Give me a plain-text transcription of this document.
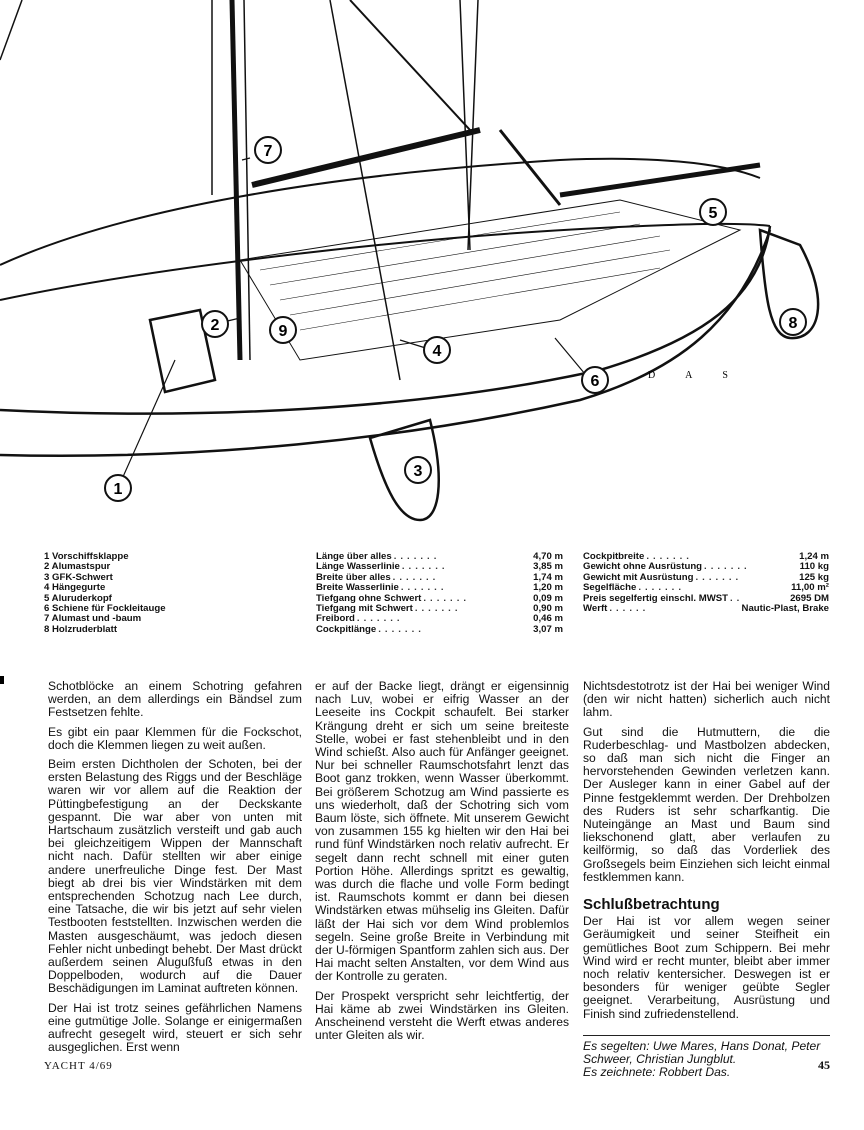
1
2
3
4
5
6
7
8
9
D A S
1 Vorschiffsklappe
2 Alumastspur
3 GFK-Schwert
4 Hängegurte
5 Aluruderkopf
6 Schiene für Fockleitauge
7 Alumast und -baum
8 Holzruderblatt
Länge über alles .......	4,70 m
Länge Wasserlinie .......	3,85 m
Breite über alles .......	1,74 m
Breite Wasserlinie .......	1,20 m
Tiefgang ohne Schwert .......	0,09 m
Tiefgang mit Schwert .......	0,90 m
Freibord .......	0,46 m
Cockpitlänge .......	3,07 m
Cockpitbreite .......	1,24 m
Gewicht ohne Ausrüstung .......	110 kg
Gewicht mit Ausrüstung .......	125 kg
Segelfläche .......	11,00 m²
Preis segelfertig einschl. MWST ..	2695 DM
Werft ......	Nautic-Plast, Brake

Schotblöcke an einem Schotring gefahren werden, an dem allerdings ein Bändsel zum Festsetzen fehlte.

Es gibt ein paar Klemmen für die Fockschot, doch die Klemmen liegen zu weit außen.

Beim ersten Dichtholen der Schoten, bei der ersten Belastung des Riggs und der Beschläge waren wir vor allem auf die Reaktion der Püttingbefestigung an der Deckskante gespannt. Die war aber von unten mit Hartschaum zusätzlich versteift und gab auch bei gleichzeitigem Wippen der Mannschaft nicht nach. Dafür stellten wir aber einige andere unerfreuliche Dinge fest. Der Mast biegt ab drei bis vier Windstärken mit dem entsprechenden Schotzug nach Lee durch, eine Tatsache, die wir bis jetzt auf sehr vielen Testbooten feststellten. Inzwischen werden die Masten ausgeschäumt, was jedoch diesen Fehler nicht unbedingt behebt. Der Mast drückt außerdem seinen Alugußfuß etwas in den Doppelboden, wodurch auf die Dauer Beschädigungen im Laminat auftreten können.

Der Hai ist trotz seines gefährlichen Namens eine gutmütige Jolle. Solange er einigermaßen aufrecht gesegelt wird, steuert er sich sehr ausgeglichen. Erst wenn

er auf der Backe liegt, drängt er eigensinnig nach Luv, wobei er eifrig Wasser an der Leeseite ins Cockpit schaufelt. Bei starker Krängung dreht er sich um seine breiteste Stelle, wobei er fast stehenbleibt und in den Wind schießt. Also auch für Anfänger geeignet. Nur bei schneller Raumschotsfahrt lenzt das Boot ganz trokken, wenn Wasser überkommt. Bei größerem Schotzug am Wind passierte es uns wiederholt, daß der Schotring sich vom Baum löste, sich öffnete. Mit unserem Gewicht von zusammen 155 kg hielten wir den Hai bei rund fünf Windstärken noch relativ aufrecht. Er segelt dann recht schnell mit einer guten Portion Höhe. Allerdings spritzt es gewaltig, was durch die flache und volle Form bedingt ist. Raumschots kommt er dann bei diesen Windstärken etwas mühselig ins Gleiten. Dafür läßt der Hai sich vor dem Wind problemlos segeln. Seine große Breite in Verbindung mit der U-förmigen Spantform zahlen sich aus. Der Hai macht selten Anstalten, vor dem Wind aus der Kontrolle zu geraten.

Der Prospekt verspricht sehr leichtfertig, der Hai käme ab zwei Windstärken ins Gleiten. Anscheinend versteht die Werft etwas anderes unter Gleiten als wir.

Nichtsdestotrotz ist der Hai bei weniger Wind (den wir nicht hatten) sicherlich auch nicht lahm.

Gut sind die Hutmuttern, die die Ruderbeschlag- und Mastbolzen abdecken, so daß man sich nicht die Finger an hervorstehenden Gewinden verletzen kann. Der Ausleger kann in einer Gabel auf der Pinne festgeklemmt werden. Der Drehbolzen des Ruders ist sehr scharfkantig. Die Nuteingänge an Mast und Baum sind liekschonend glatt, aber verlaufen zu keilförmig, so daß das Vorderliek des Großsegels beim Einziehen sich leicht einmal festklemmen kann.

Schlußbetrachtung

Der Hai ist vor allem wegen seiner Geräumigkeit und seiner Steifheit ein gemütliches Boot zum Schippern. Bei mehr Wind wird er recht munter, bleibt aber immer noch relativ kentersicher. Deswegen ist er besonders für weniger geübte Segler geeignet. Verarbeitung, Ausrüstung und Finish sind zufriedenstellend.

Es segelten: Uwe Mares, Hans Donat, Peter Schweer, Christian Jungblut.
Es zeichnete: Robbert Das.
YACHT 4/69	45
